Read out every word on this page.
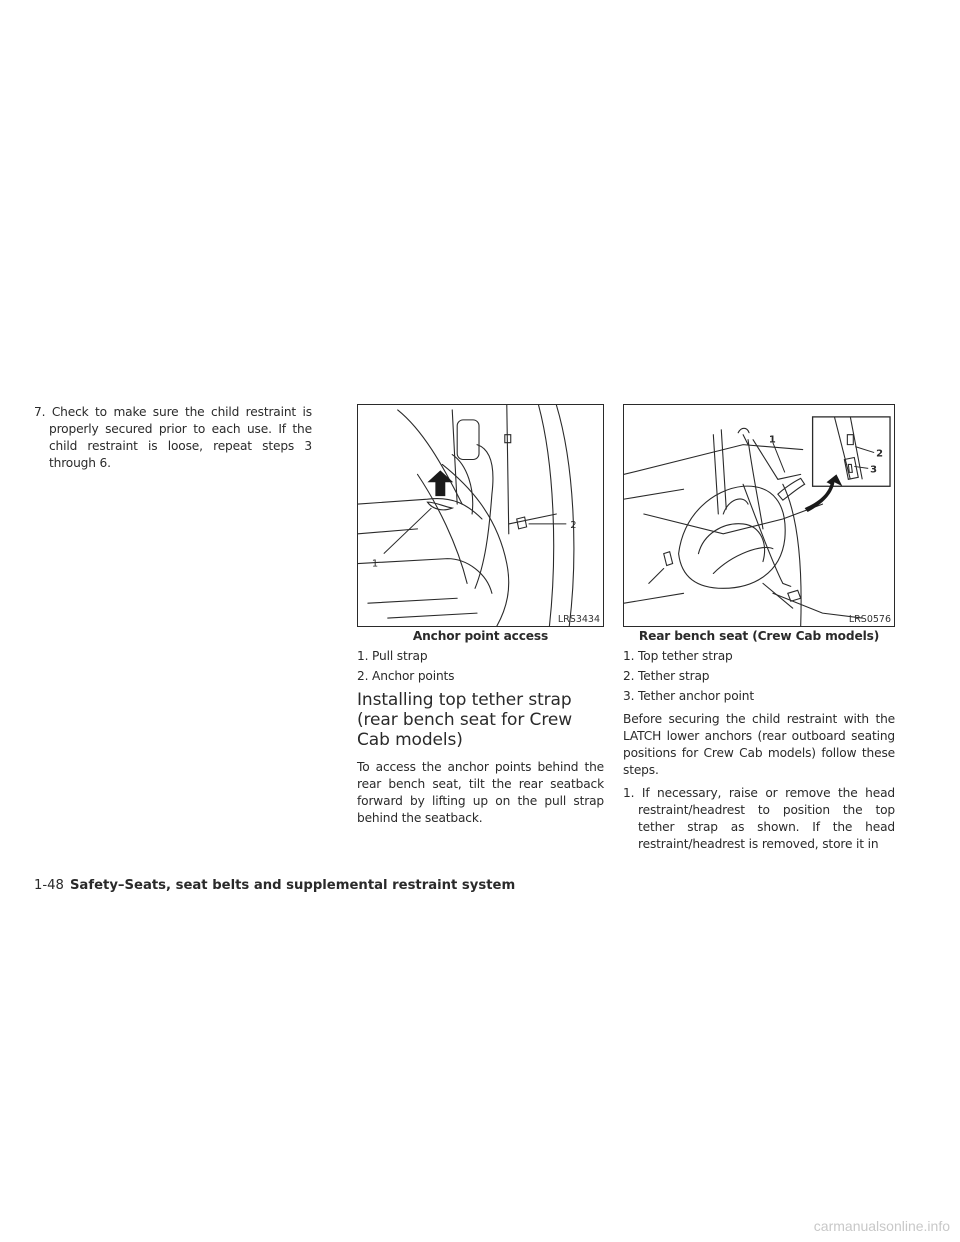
7. Check to make sure the child restraint is properly secured prior to each use. If the child restraint is loose, repeat steps 3 through 6.

1
2
LRS3434

Anchor point access

1. Pull strap

2. Anchor points

Installing top tether strap (rear bench seat for Crew Cab models)

To access the anchor points behind the rear bench seat, tilt the rear seatback forward by lifting up on the pull strap behind the seatback.

1
2
3
LRS0576

Rear bench seat (Crew Cab models)

1. Top tether strap

2. Tether strap

3. Tether anchor point

Before securing the child restraint with the LATCH lower anchors (rear outboard seating positions for Crew Cab models) follow these steps.

1. If necessary, raise or remove the head restraint/headrest to position the top tether strap as shown. If the head restraint/headrest is removed, store it in

1-48 Safety–Seats, seat belts and supplemental restraint system
carmanualsonline.info
